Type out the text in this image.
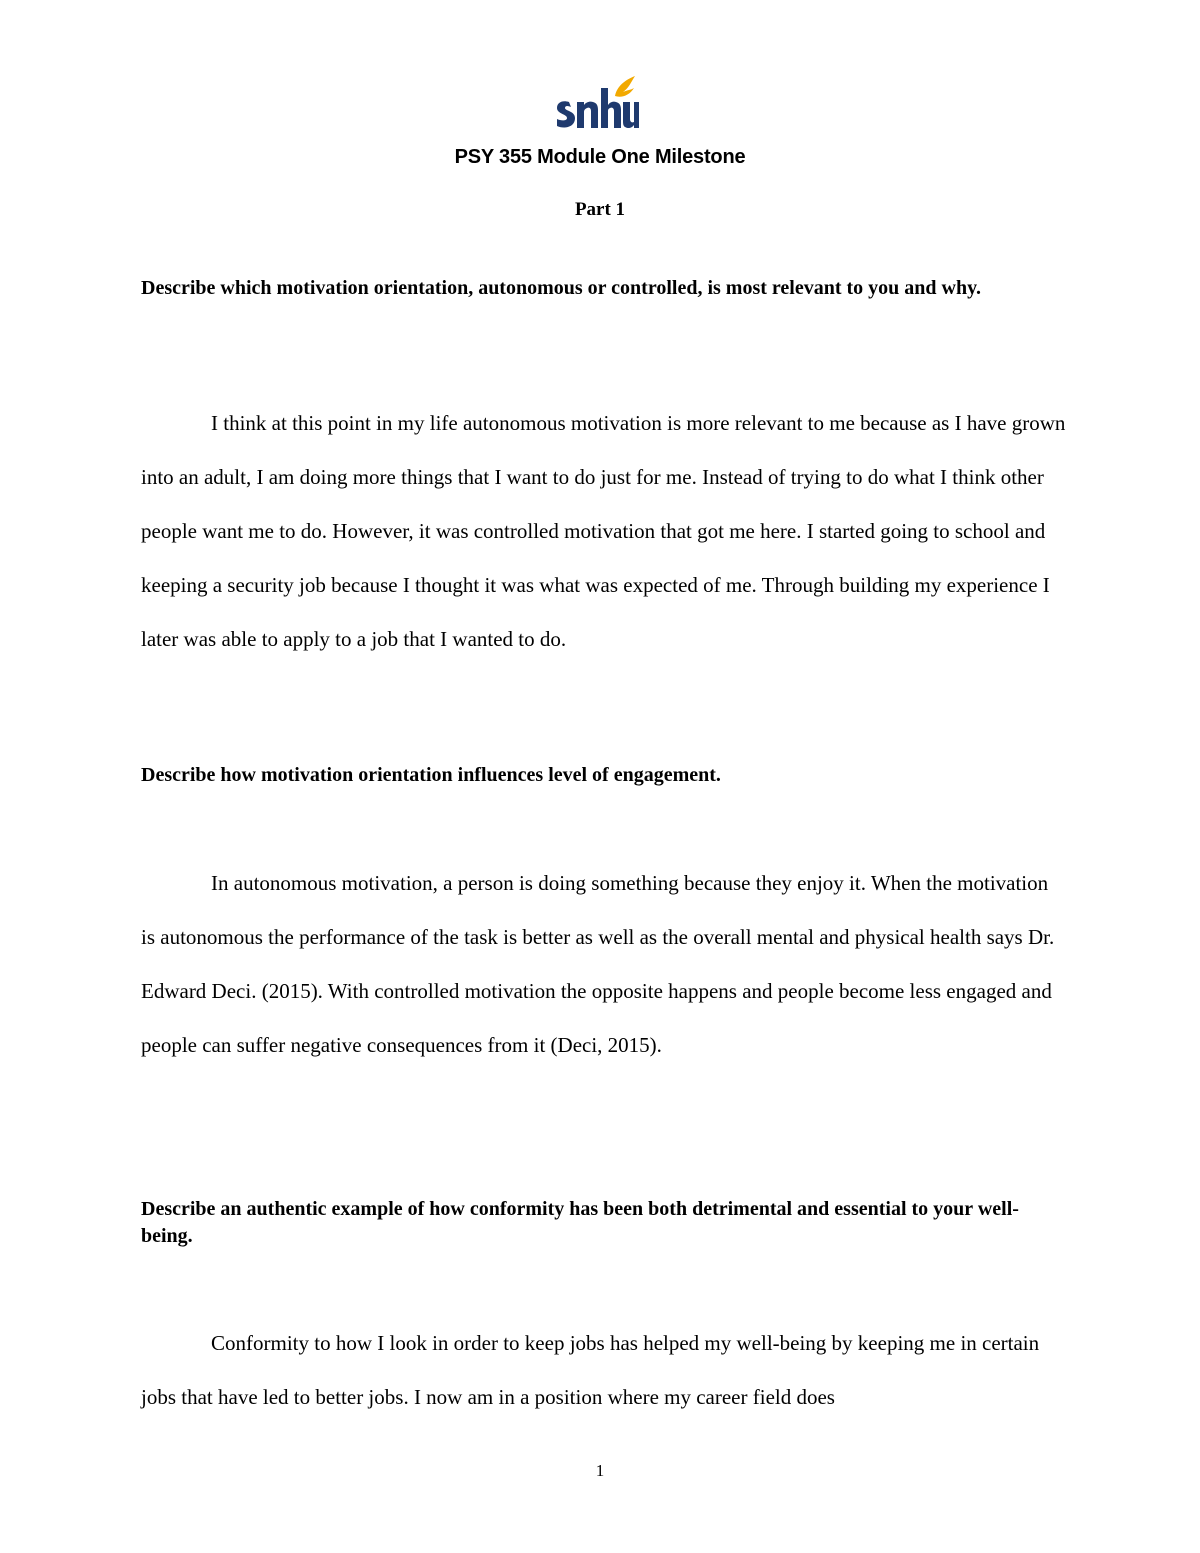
PSY 355 Module One Milestone
Part 1
Describe which motivation orientation, autonomous or controlled, is most relevant to you and why.

I think at this point in my life autonomous motivation is more relevant to me because as I have grown into an adult, I am doing more things that I want to do just for me. Instead of trying to do what I think other people want me to do. However, it was controlled motivation that got me here. I started going to school and keeping a security job because I thought it was what was expected of me. Through building my experience I later was able to apply to a job that I wanted to do.

Describe how motivation orientation influences level of engagement.

In autonomous motivation, a person is doing something because they enjoy it. When the motivation is autonomous the performance of the task is better as well as the overall mental and physical health says Dr. Edward Deci. (2015). With controlled motivation the opposite happens and people become less engaged and people can suffer negative consequences from it (Deci, 2015).

Describe an authentic example of how conformity has been both detrimental and essential to your well-being.

Conformity to how I look in order to keep jobs has helped my well-being by keeping me in certain jobs that have led to better jobs. I now am in a position where my career field does

1
